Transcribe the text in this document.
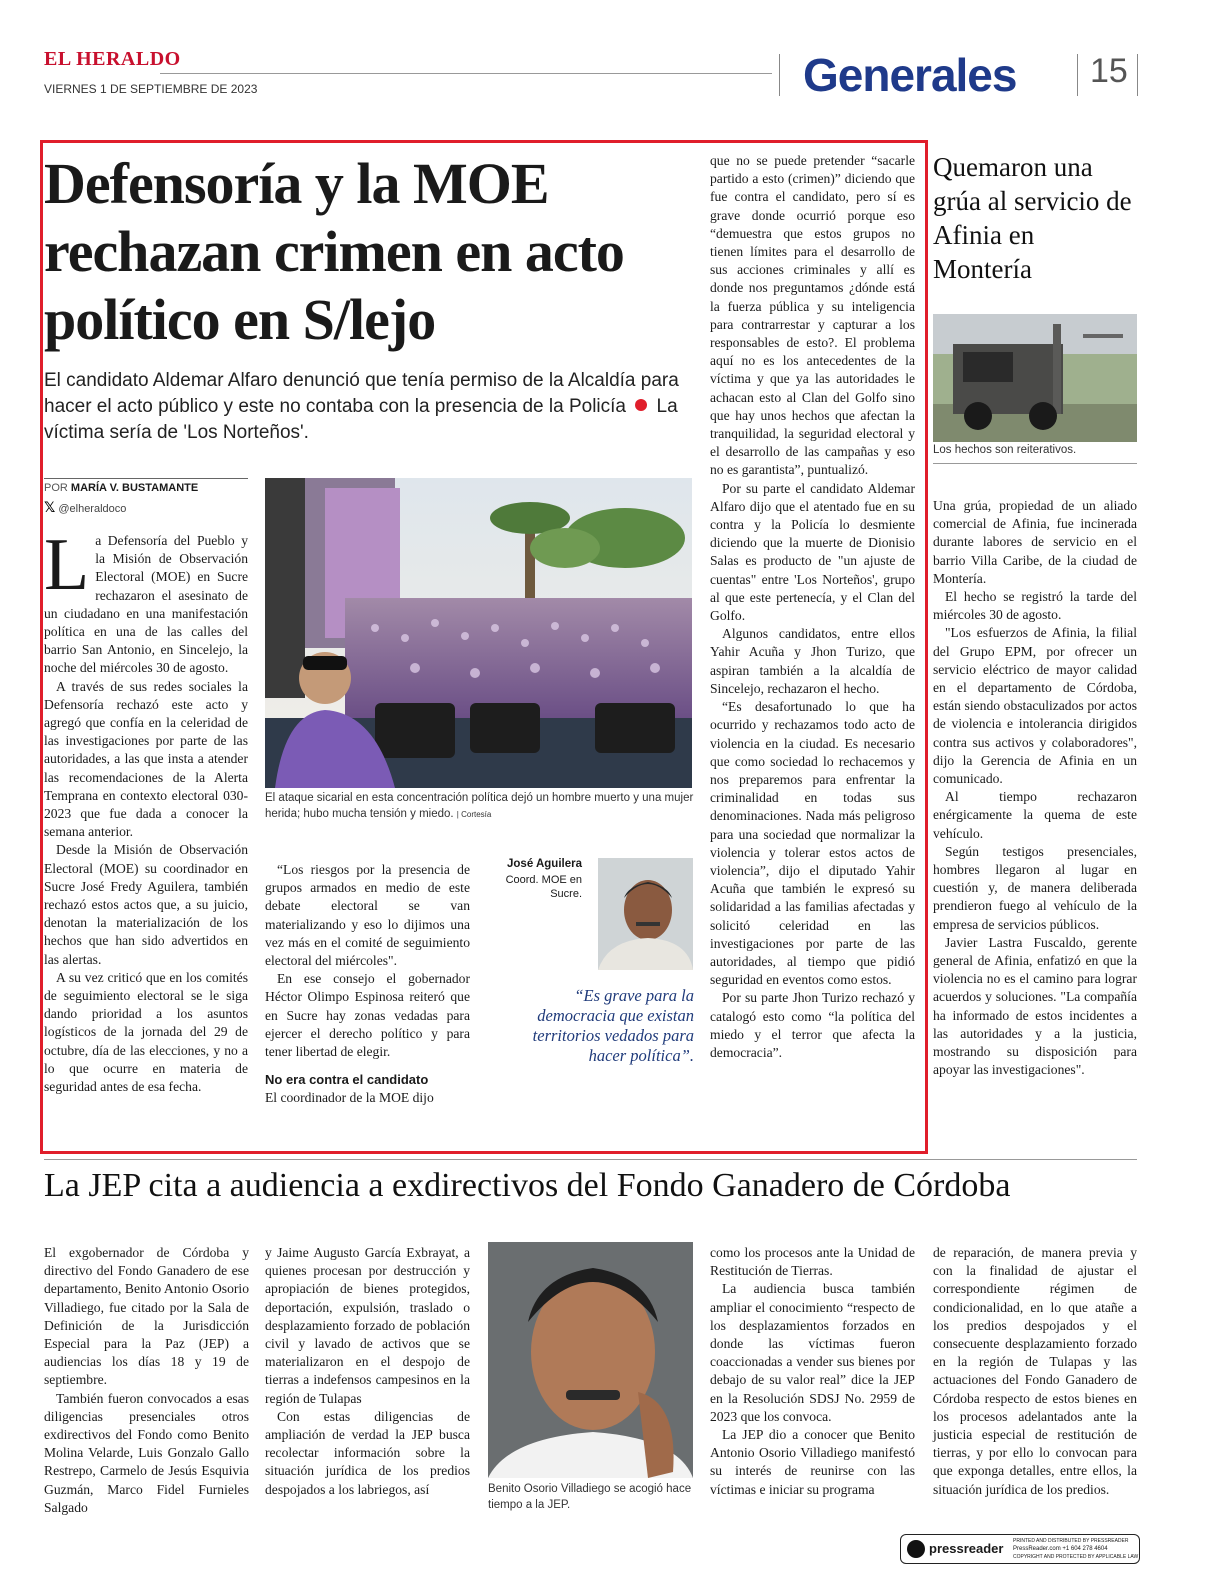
EL HERALDO
VIERNES 1 DE SEPTIEMBRE DE 2023	Generales 15
Defensoría y la MOE rechazan crimen en acto político en S/lejo
El candidato Aldemar Alfaro denunció que tenía permiso de la Alcaldía para hacer el acto público y este no contaba con la presencia de la Policía La víctima sería de 'Los Norteños'.
POR MARÍA V. BUSTAMANTE
𝕏 @elheraldoco
L a Defensoría del Pueblo y la Misión de Observación Electoral (MOE) en Sucre rechazaron el asesinato de un ciudadano en una manifestación política en una de las calles del barrio San Antonio, en Sincelejo, la noche del miércoles 30 de agosto.

A través de sus redes sociales la Defensoría rechazó este acto y agregó que confía en la celeridad de las investigaciones por parte de las autoridades, a las que insta a atender las recomendaciones de la Alerta Temprana en contexto electoral 030-2023 que fue dada a conocer la semana anterior.

Desde la Misión de Observación Electoral (MOE) su coordinador en Sucre José Fredy Aguilera, también rechazó estos actos que, a su juicio, denotan la materialización de los hechos que han sido advertidos en las alertas.

A su vez criticó que en los comités de seguimiento electoral se le siga dando prioridad a los asuntos logísticos de la jornada del 29 de octubre, día de las elecciones, y no a lo que ocurre en materia de seguridad antes de esa fecha.

El ataque sicarial en esta concentración política dejó un hombre muerto y una mujer herida; hubo mucha tensión y miedo. | Cortesía

“Los riesgos por la presencia de grupos armados en medio de este debate electoral se van materializando y eso lo dijimos una vez más en el comité de seguimiento electoral del miércoles".

En ese consejo el gobernador Héctor Olimpo Espinosa reiteró que en Sucre hay zonas vedadas para ejercer el derecho político y para tener libertad de elegir.

No era contra el candidato

El coordinador de la MOE dijo

José Aguilera
Coord. MOE en Sucre.
“Es grave para la democracia que existan territorios vedados para hacer política”.

que no se puede pretender “sacarle partido a esto (crimen)” diciendo que fue contra el candidato, pero sí es grave donde ocurrió porque eso “demuestra que estos grupos no tienen límites para el desarrollo de sus acciones criminales y allí es donde nos preguntamos ¿dónde está la fuerza pública y su inteligencia para contrarrestar y capturar a los responsables de esto?. El problema aquí no es los antecedentes de la víctima y que ya las autoridades le achacan esto al Clan del Golfo sino que hay unos hechos que afectan la tranquilidad, la seguridad electoral y el desarrollo de las campañas y eso no es garantista”, puntualizó.

Por su parte el candidato Aldemar Alfaro dijo que el atentado fue en su contra y la Policía lo desmiente diciendo que la muerte de Dionisio Salas es producto de "un ajuste de cuentas" entre 'Los Norteños', grupo al que este pertenecía, y el Clan del Golfo.

Algunos candidatos, entre ellos Yahir Acuña y Jhon Turizo, que aspiran también a la alcaldía de Sincelejo, rechazaron el hecho.

“Es desafortunado lo que ha ocurrido y rechazamos todo acto de violencia en la ciudad. Es necesario que como sociedad lo rechacemos y nos preparemos para enfrentar la criminalidad en todas sus denominaciones. Nada más peligroso para una sociedad que normalizar la violencia y tolerar estos actos de violencia”, dijo el diputado Yahir Acuña que también le expresó su solidaridad a las familias afectadas y solicitó celeridad en las investigaciones por parte de las autoridades, al tiempo que pidió seguridad en eventos como estos.

Por su parte Jhon Turizo rechazó y catalogó esto como “la política del miedo y el terror que afecta la democracia”.

Quemaron una grúa al servicio de Afinia en Montería
Los hechos son reiterativos.

Una grúa, propiedad de un aliado comercial de Afinia, fue incinerada durante labores de servicio en el barrio Villa Caribe, de la ciudad de Montería.

El hecho se registró la tarde del miércoles 30 de agosto.

"Los esfuerzos de Afinia, la filial del Grupo EPM, por ofrecer un servicio eléctrico de mayor calidad en el departamento de Córdoba, están siendo obstaculizados por actos de violencia e intolerancia dirigidos contra sus activos y colaboradores", dijo la Gerencia de Afinia en un comunicado.

Al tiempo rechazaron enérgicamente la quema de este vehículo.

Según testigos presenciales, hombres llegaron al lugar en cuestión y, de manera deliberada prendieron fuego al vehículo de la empresa de servicios públicos.

Javier Lastra Fuscaldo, gerente general de Afinia, enfatizó en que la violencia no es el camino para lograr acuerdos y soluciones. "La compañía ha informado de estos incidentes a las autoridades y a la justicia, mostrando su disposición para apoyar las investigaciones".

La JEP cita a audiencia a exdirectivos del Fondo Ganadero de Córdoba

El exgobernador de Córdoba y directivo del Fondo Ganadero de ese departamento, Benito Antonio Osorio Villadiego, fue citado por la Sala de Definición de la Jurisdicción Especial para la Paz (JEP) a audiencias los días 18 y 19 de septiembre.

También fueron convocados a esas diligencias presenciales otros exdirectivos del Fondo como Benito Molina Velarde, Luis Gonzalo Gallo Restrepo, Carmelo de Jesús Esquivia Guzmán, Marco Fidel Furnieles Salgado

y Jaime Augusto García Exbrayat, a quienes procesan por destrucción y apropiación de bienes protegidos, deportación, expulsión, traslado o desplazamiento forzado de población civil y lavado de activos que se materializaron en el despojo de tierras a indefensos campesinos en la región de Tulapas

Con estas diligencias de ampliación de verdad la JEP busca recolectar información sobre la situación jurídica de los predios despojados a los labriegos, así	Benito Osorio Villadiego se acogió hace tiempo a la JEP.

como los procesos ante la Unidad de Restitución de Tierras.

La audiencia busca también ampliar el conocimiento “respecto de los desplazamientos forzados en donde las víctimas fueron coaccionadas a vender sus bienes por debajo de su valor real” dice la JEP en la Resolución SDSJ No. 2959 de 2023 que los convoca.

La JEP dio a conocer que Benito Antonio Osorio Villadiego manifestó su interés de reunirse con las víctimas e iniciar su programa

de reparación, de manera previa y con la finalidad de ajustar el correspondiente régimen de condicionalidad, en lo que atañe a los predios despojados y el consecuente desplazamiento forzado en la región de Tulapas y las actuaciones del Fondo Ganadero de Córdoba respecto de estos bienes en los procesos adelantados ante la justicia especial de restitución de tierras, y por ello lo convocan para que exponga detalles, entre ellos, la situación jurídica de los predios.

pressreader PRINTED AND DISTRIBUTED BY PRESSREADER
PressReader.com +1 604 278 4604
COPYRIGHT AND PROTECTED BY APPLICABLE LAW
